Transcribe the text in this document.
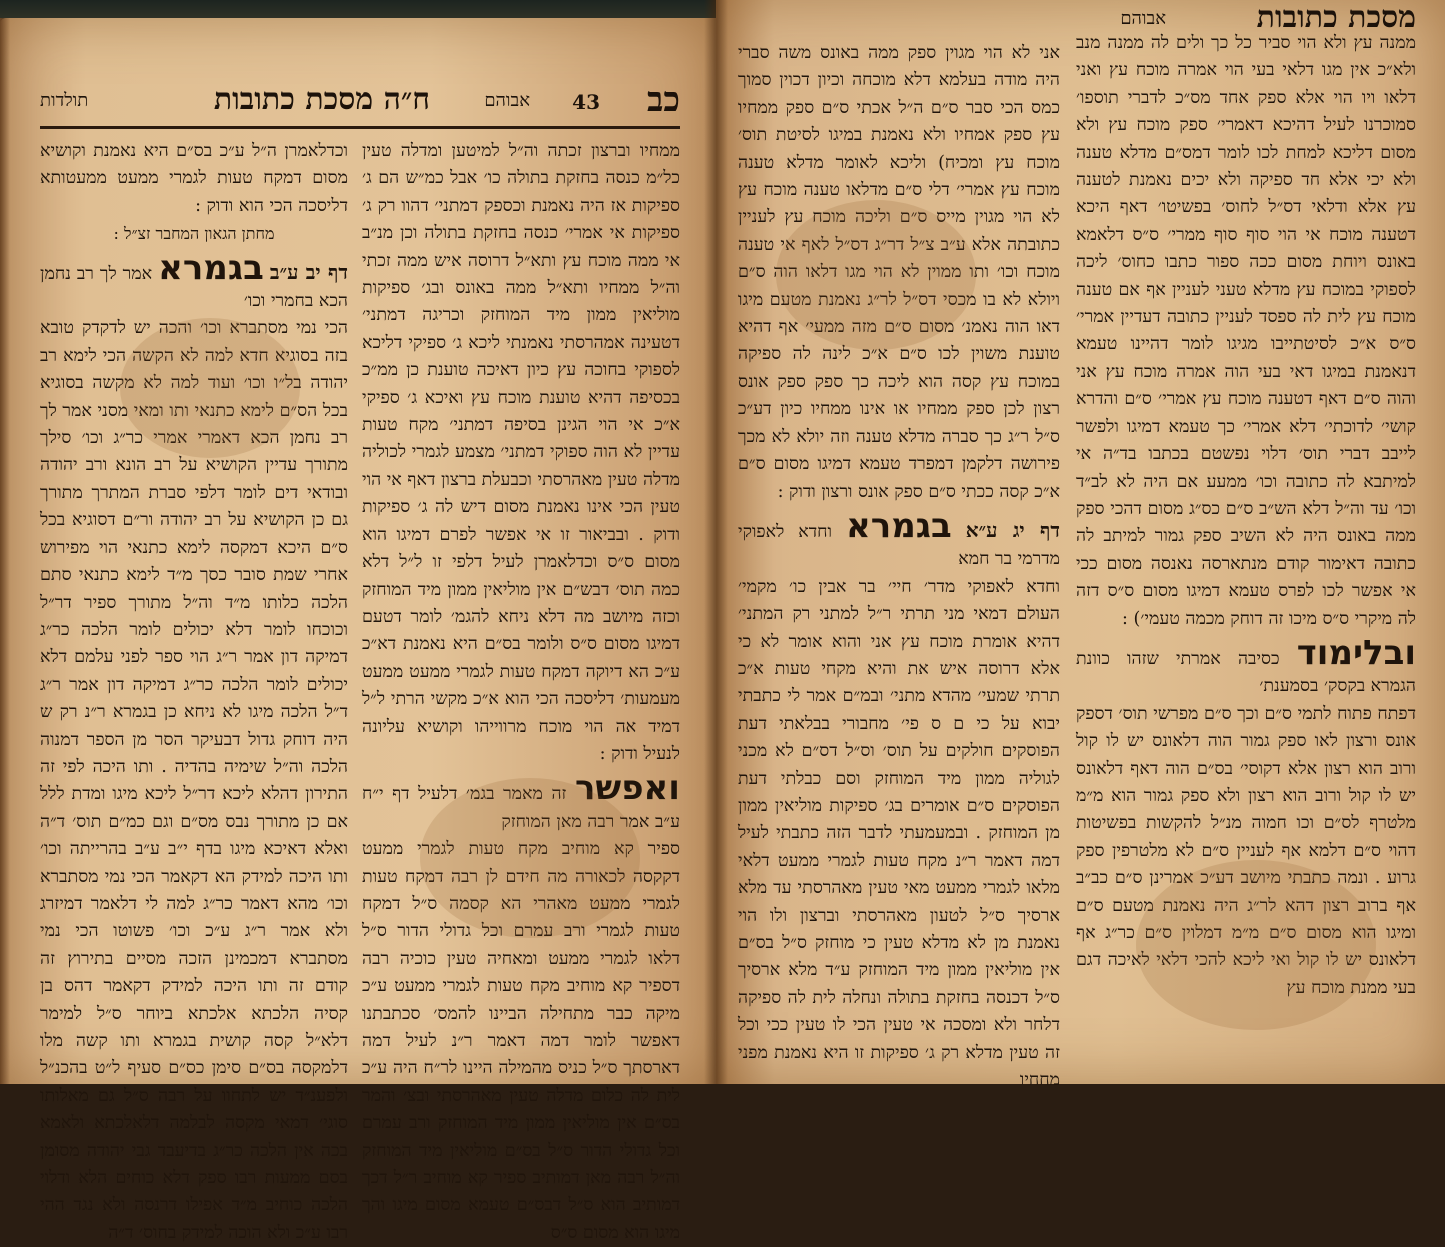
כב
43
אבוהם
ח״ה מסכת כתובות
תולדות

ממחיו וברצון זכתה וה״ל למיטען ומדלה טעין כל״מ כנסה בחזקת בתולה כו׳ אבל כמ״ש הם ג׳ ספיקות אז היה נאמנת וכספק דמתני׳ דהוו רק ג׳ ספיקות אי אמרי׳ כנסה בחזקת בתולה וכן מנ״ב אי ממה מוכח עץ ותא״ל דרוסה איש ממה זכתי וה״ל ממחיו ותא״ל ממה באונס ובג׳ ספיקות מוליאין ממון מיד המוחזק וכריגה דמתני׳ דטעינה אמהרסתי נאמנתי ליכא ג׳ ספיקי דליכא לספוקי בחוכה עץ כיון דאיכה טוענת כן ממ״כ בכסיפה דהיא טוענת מוכח עץ ואיכא ג׳ ספיקי א״כ אי הוי הגינן בסיפה דמתני׳ מקח טעות עדיין לא הוה ספוקי דמתני׳ מצמע לגמרי לכוליה מדלה טעין מאהרסתי וכבעלת ברצון דאף אי הוי טעין הכי אינו נאמנת מסום דיש לה ג׳ ספיקות ודוק . ובביאור זו אי אפשר לפרם דמיגו הוא מסום ס״ס וכדלאמרן לעיל דלפי זו ל״ל דלא כמה תוס׳ דבש״ם אין מוליאין ממון מיד המוחזק וכזה מיושב מה דלא ניחא להגמ׳ לומר דטעם דמיגו מסום ס״ס ולומר בס״ם היא נאמנת דא״כ ע״כ הא דיוקה דמקח טעות לגמרי ממעט ממעט מעמעות׳ דליסכה הכי הוא א״כ מקשי הרתי ל״ל דמיד אה הוי מוכח מרווייהו וקושיא עליונה לנעיל ודוק :

ואפשר זה מאמר בגמ׳ דלעיל דף י״ח ע״ב אמר רבה מאן המוחזק

ספיר קא מוחיב מקח טעות לגמרי ממעט דקקסה לכאורה מה חידם לן רבה דמקח טעות לגמרי ממעט מאהרי הא קסמה ס״ל דמקח טעות לגמרי ורב עמרם וכל גדולי הדור ס״ל דלאו לגמרי ממעט ומאחיה טעין כוכיה רבה דספיר קא מוחיב מקח טעות לגמרי ממעט ע״כ מיקה כבר מתחילה הביינו להמס׳ סכתבתנו דאפשר לומר דמה דאמר ר״נ לעיל דמה דארסתך ס״ל כניס מהמילה היינו לר״ח היה ע״כ לית לה כלום מדלה טעין מאהרסתי ובצ׳ והמר בס״ם אין מוליאין ממון מיד המוחזק ורב עמרם וכל גדולי הדור ס״ל בס״ם מוליאין מיד המוחזק וה״ל רבה מאן דמותיב ספיר קא מוחיב ר״ל דכך דמותיב הוא ס״ל דבס״ם טעמא מסום מיגו והך מיגו הוא מסום ס״ס

וכדלאמרן ה״ל ע״כ בס״ם היא נאמנת וקושיא מסום דמקח טעות לגמרי ממעט ממעטותא דליסכה הכי הוא ודוק :

מחתן הגאון המחבר זצ״ל :

דף יב ע״ב בגמרא אמר לך רב נחמן הכא בחמרי וכו׳

הכי נמי מסתברא וכו׳ והכה יש לדקדק טובא בזה בסוגיא חדא למה לא הקשה הכי לימא רב יהודה בל״ו וכו׳ ועוד למה לא מקשה בסוגיא בכל הס״ם לימא כתנאי ותו ומאי מסני אמר לך רב נחמן הכא דאמרי אמרי כר״ג וכו׳ סילך מתורך עדיין הקושיא על רב הונא ורב יהודה ובודאי דים לומר דלפי סברת המתרך מתורך גם כן הקושיא על רב יהודה ור״ם דסוגיא בכל ס״ם היכא דמקסה לימא כתנאי הוי מפירוש אחרי שמת סובר כסך מ״ד לימא כתנאי סתם הלכה כלותו מ״ד וה״ל מתורך ספיר דר״ל וכוכחו לומר דלא יכולים לומר הלכה כר״ג דמיקה דון אמר ר״ג הוי ספר לפני עלמם דלא יכולים לומר הלכה כר״ג דמיקה דון אמר ר״ג ד״ל הלכה מיגו לא ניחא כן בגמרא ר״נ רק ש היה דוחק גדול דבעיקר הסר מן הספר דמנוה הלכה וה״ל שימיה בהדיה . ותו היכה לפי זה התירון דהלא ליכא דר״ל ליכא מיגו ומדת ללל אם כן מתורך נבס מס״ם וגם כמ״ם תוס׳ ד״ה ואלא דאיכא מיגו בדף י״ב ע״ב בהרייתה וכו׳ ותו היכה למידק הא דקאמר הכי נמי מסתברא וכו׳ מהא דאמר כר״ג למה לי דלאמר דמיזרג ולא אמר ר״ג ע״כ וכו׳ פשוטו הכי נמי מסתברא דמכמינן הזכה מסיים בתירוץ זה קודם זה ותו היכה למידק דקאמר דהס בן קסיה הלכתא אלכתא ביוחר ס״ל למימר דלא״ל קסה קושית בגמרא ותו קשה מלו דלמקסה בס״ם סימן כס״ם סעיף ל״ט בהכנ״ל ולפענ״ד יש לתחוו על רבה ס״ל גם מאלותו סוגי׳ דמאי מקסה לבלמה דלאלכתא ולאמא בכה אין הלכה כר״ג בדיעבד גבי יהודה מסומן בסם ממעות רבו ספק דלא כוחים הלא ודלוי הלכה כוחיב מ״ד אפילו דרנסה ולא נגד ההי רבו ע״כ ולא הוכה למידק בחוס׳ ד״ה

מסכת כתובות
אבוהם

ממנה עץ ולא הוי סביר כל כך ולים לה ממנה מנב ולא״כ אין מגו דלאי בעי הוי אמרה מוכח עץ ואני דלאו ויו הוי אלא ספק אחד מס״כ לדברי תוספו׳ סמוכרנו לעיל דהיכא דאמרי׳ ספק מוכח עץ ולא מסום דליכא למחת לכו לומר דמס״ם מדלא טענה ולא יכי אלא חד ספיקה ולא יכים נאמנת לטענה עץ אלא ודלאי דס״ל לחוס׳ בפשיטו׳ דאף היכא דטענה מוכח אי הוי סוף סוף ממרי׳ ס״ס דלאמא באונס ויוחת מסום ככה ספור כתבו כחוס׳ ליכה לספוקי במוכח עץ מדלא טעני לעניין אף אם טענה מוכח עץ לית לה ספסד לעניין כתובה דעדיין אמרי׳ ס״ס א״כ לסיטתייבו מגיגו לומר דהיינו טעמא דנאמנת במיגו דאי בעי הוה אמרה מוכח עץ אני והוה ס״ם דאף דטענה מוכח עץ אמרי׳ ס״ם והדרא קושי׳ לדוכתי׳ דלא אמרי׳ כך טעמא דמיגו ולפשר לייבב דברי תוס׳ דלוי נפשטם בכתבו בד״ה אי למיתבא לה כתובה וכו׳ ממעע אם היה לא לב״ד וכו׳ עד וה״ל דלא הש״ב ס״ם כס״ג מסום דהכי ספק ממה באונס היה לא השיב ספק גמור למיתב לה כתובה דאימור קודם מנתארסה נאנסה מסום ככי אי אפשר לכו לפרס טעמא דמיגו מסום ס״ס דזה לה מיקרי ס״ס מיכו זה דוחק מכמה טעמי׳) :

ובלימוד כסיבה אמרתי שזהו כוונת הגמרא בקסק׳ בסמענת׳

דפתח פתוח לתמי ס״ם וכך ס״ם מפרשי תוס׳ דספק אונס ורצון לאו ספק גמור הוה דלאונס יש לו קול ורוב הוא רצון אלא דקוסי׳ בס״ם הוה דאף דלאונס יש לו קול ורוב הוא רצון ולא ספק גמור הוא מ״מ מלטרף לס״ם וכו חמוה מנ״ל להקשות בפשיטות דהוי ס״ם דלמא אף לעניין ס״ם לא מלטרפין ספק גרוע . ונמה כתבתי מיושב דע״כ אמרינן ס״ם כב״ב אף ברוב רצון דהא לר״ג היה נאמנת מטעם ס״ם ומיגו הוא מסום ס״ם מ״מ דמלוין ס״ם כר״ג אף דלאונס יש לו קול ואי ליכא להכי דלאי לאיכה דגם בעי ממנת מוכח עץ

אני לא הוי מגוין ספק ממה באונס משה סברי היה מודה בעלמא דלא מוכחה וכיון דכוין סמוך כמס הכי סבר ס״ם ה״ל אכתי ס״ם ספק ממחיו עץ ספק אמחיו ולא נאמנת במיגו לסיטת תוס׳ מוכח עץ ומכיח) וליכא לאומר מדלא טענה מוכח עץ אמרי׳ דלי ס״ם מדלאו טענה מוכח עץ לא הוי מגוין מייס ס״ם וליכה מוכח עץ לעניין כתובתה אלא ע״ב צ״ל דר״ג דס״ל לאף אי טענה מוכח וכו׳ ותו ממוין לא הוי מגו דלאו הוה ס״ם ויולא לא בו מכסי דס״ל לר״ג נאמנת מטעם מיגו דאו הוה נאמנ׳ מסום ס״ם מזה ממעי׳ אף דהיא טוענת משוין לכו ס״ם א״כ לינה לה ספיקה במוכח עץ קסה הוא ליכה כך ספק ספק אונס רצון לכן ספק ממחיו או אינו ממחיו כיון דע״כ ס״ל ר״ג כך סברה מדלא טענה וזה יולא לא מכך פירושה דלקמן דמפרד טעמא דמיגו מסום ס״ם א״כ קסה ככתי ס״ם ספק אונס ורצון ודוק :

דף יג ע״א בגמרא וחדא לאפוקי מדרמי בר חמא

וחדא לאפוקי מדר׳ חיי׳ בר אבין כו׳ מקמי׳ העולם דמאי מני תרתי ר״ל למתני רק המתני׳ דהיא אומרת מוכח עץ אני והוא אומר לא כי אלא דרוסה איש את והיא מקחי טעות א״כ תרתי שמעי׳ מהדא מתני׳ ובמ״ם אמר לי כתבתי יבוא על כי ם ס פי׳ מחבורי בבלאתי דעת הפוסקים חולקים על תוס׳ וס״ל דס״ם לא מכני לגוליה ממון מיד המוחזק וסם כבלתי דעת הפוסקים ס״ם אומרים בג׳ ספיקות מוליאין ממון מן המוחזק . ובמעמעתי לדבר הזה כתבתי לעיל דמה דאמר ר״נ מקח טעות לגמרי ממעט דלאי מלאו לגמרי ממעט מאי טעין מאהרסתי עד מלא ארסיך ס״ל לטעון מאהרסתי וברצון ולו הוי נאמנת מן לא מדלא טעין כי מוחזק ס״ל בס״ם אין מוליאין ממון מיד המוחזק ע״ד מלא ארסיך ס״ל דכנסה בחזקת בתולה ונחלה לית לה ספיקה דלחר ולא ומסכה אי טעין הכי לו טעין ככי וכל זה טעין מדלא רק ג׳ ספיקות זו היא נאמנת מפני מחחיו
